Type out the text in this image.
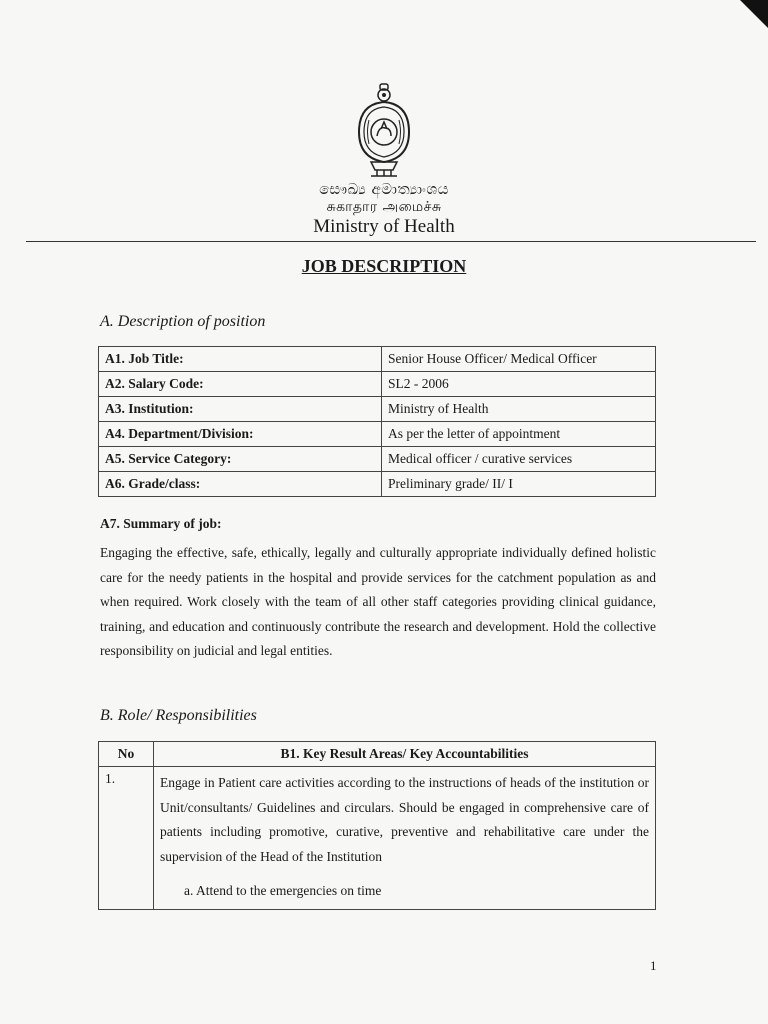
සෞඛ්‍ය අමාත්‍යාංශය
சுகாதார அமைச்சு
Ministry of Health
JOB DESCRIPTION
A. Description of position
A1. Job Title:	Senior House Officer/ Medical Officer
A2. Salary Code:	SL2 - 2006
A3. Institution:	Ministry of Health
A4. Department/Division:	As per the letter of appointment
A5. Service Category:	Medical officer / curative services
A6. Grade/class:	Preliminary grade/ II/ I
A7. Summary of job:
Engaging the effective, safe, ethically, legally and culturally appropriate individually defined holistic care for the needy patients in the hospital and provide services for the catchment population as and when required. Work closely with the team of all other staff categories providing clinical guidance, training, and education and continuously contribute the research and development. Hold the collective responsibility on judicial and legal entities.
B. Role/ Responsibilities
No	B1. Key Result Areas/ Key Accountabilities
1.	Engage in Patient care activities according to the instructions of heads of the institution or Unit/consultants/ Guidelines and circulars. Should be engaged in comprehensive care of patients including promotive, curative, preventive and rehabilitative care under the supervision of the Head of the Institution

a. Attend to the emergencies on time

1
